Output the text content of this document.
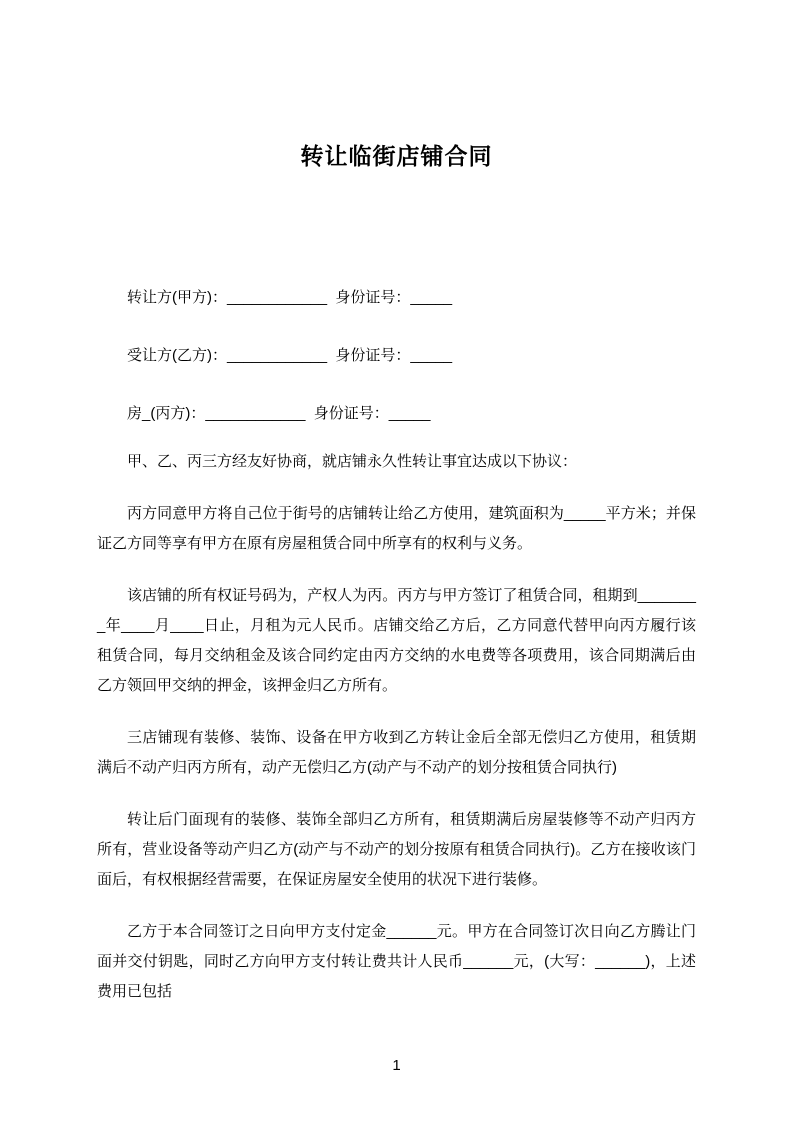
转让临街店铺合同

转让方(甲方)：____________  身份证号：_____

受让方(乙方)：____________  身份证号：_____

房_(丙方)：____________  身份证号：_____

甲、乙、丙三方经友好协商，就店铺永久性转让事宜达成以下协议：

丙方同意甲方将自己位于街号的店铺转让给乙方使用，建筑面积为_____平方米；并保证乙方同等享有甲方在原有房屋租赁合同中所享有的权利与义务。

该店铺的所有权证号码为，产权人为丙。丙方与甲方签订了租赁合同，租期到________年____月____日止，月租为元人民币。店铺交给乙方后，乙方同意代替甲向丙方履行该租赁合同，每月交纳租金及该合同约定由丙方交纳的水电费等各项费用，该合同期满后由乙方领回甲交纳的押金，该押金归乙方所有。

三店铺现有装修、装饰、设备在甲方收到乙方转让金后全部无偿归乙方使用，租赁期满后不动产归丙方所有，动产无偿归乙方(动产与不动产的划分按租赁合同执行)

转让后门面现有的装修、装饰全部归乙方所有，租赁期满后房屋装修等不动产归丙方所有，营业设备等动产归乙方(动产与不动产的划分按原有租赁合同执行)。乙方在接收该门面后，有权根据经营需要，在保证房屋安全使用的状况下进行装修。

乙方于本合同签订之日向甲方支付定金______元。甲方在合同签订次日向乙方腾让门面并交付钥匙，同时乙方向甲方支付转让费共计人民币______元，(大写：______)，上述费用已包括

1
